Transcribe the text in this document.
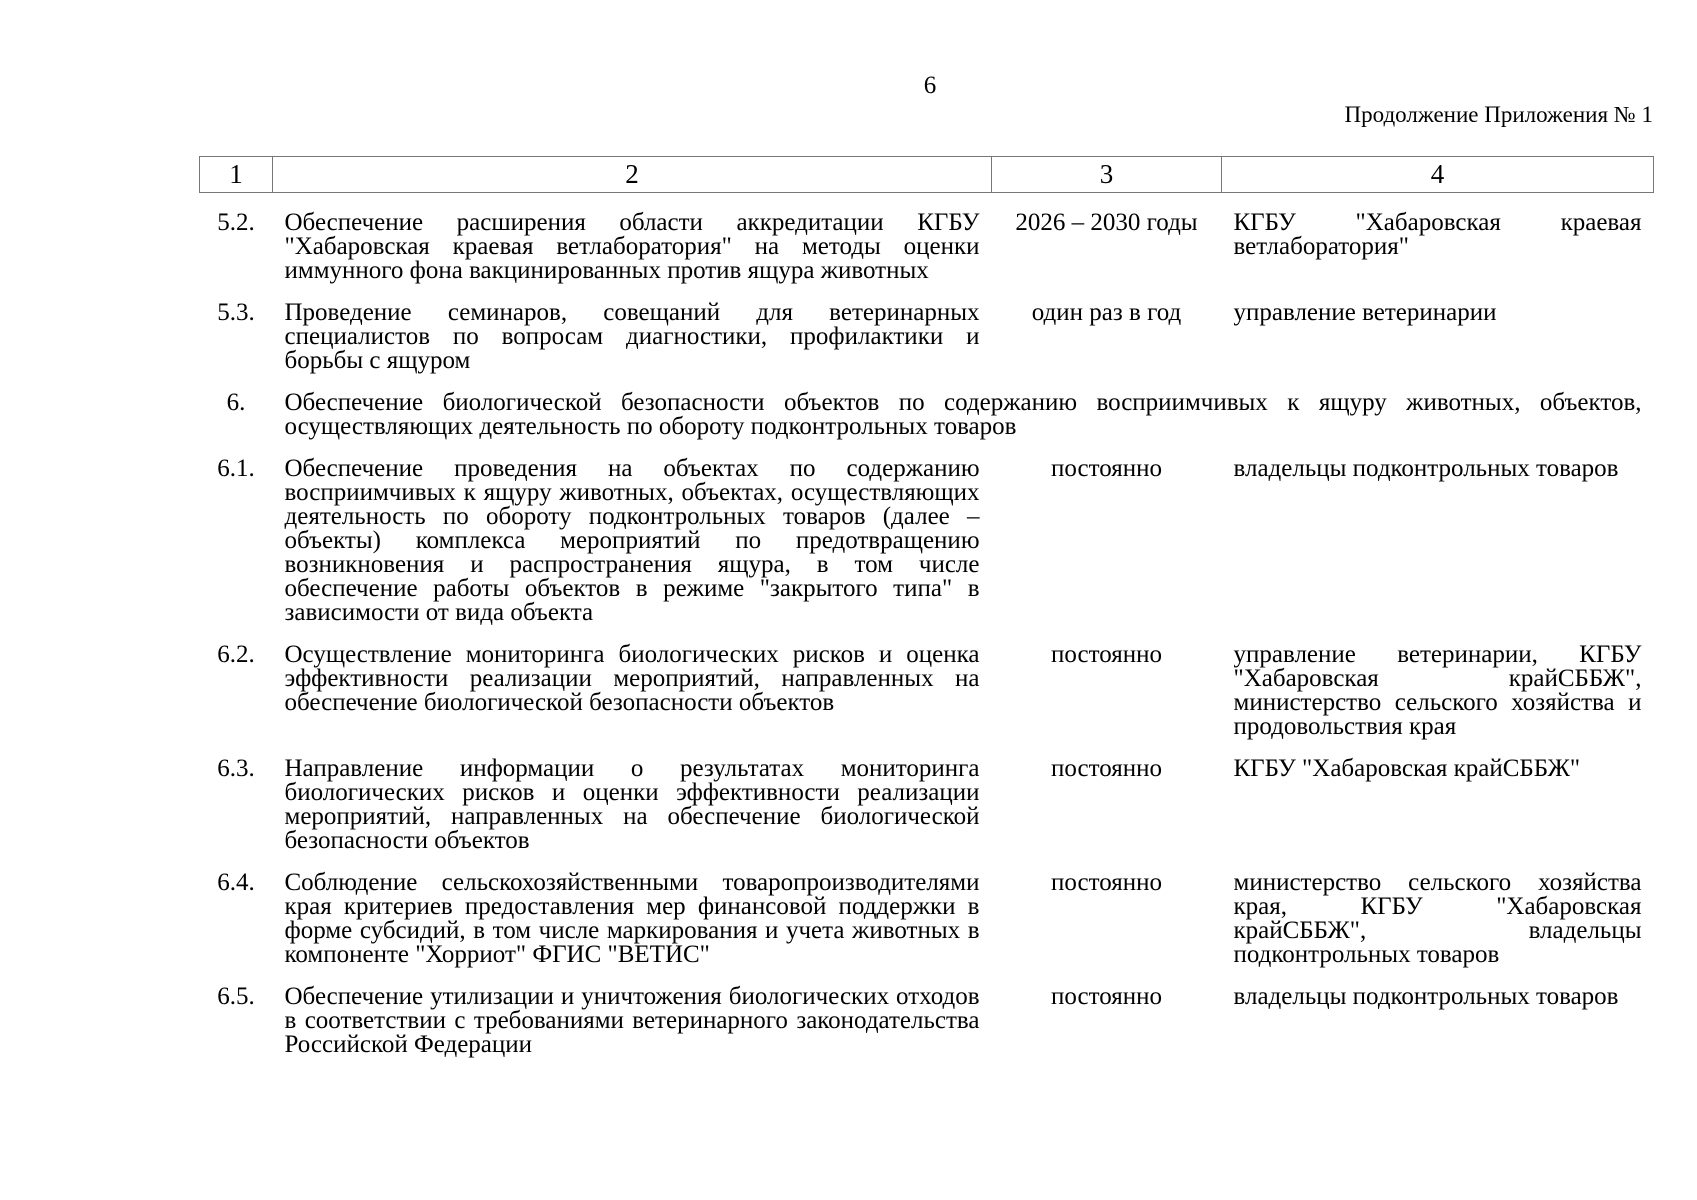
6
Продолжение Приложения № 1
1	2	3	4
5.2.	Обеспечение расширения области аккредитации КГБУ "Хабаровская краевая ветлаборатория" на методы оценки иммунного фона вакцинированных против ящура животных	2026 – 2030 годы	КГБУ "Хабаровская краевая ветлаборатория"
5.3.	Проведение семинаров, совещаний для ветеринарных специалистов по вопросам диагностики, профилактики и борьбы с ящуром	один раз в год	управление ветеринарии
6.	Обеспечение биологической безопасности объектов по содержанию восприимчивых к ящуру животных, объектов, осуществляющих деятельность по обороту подконтрольных товаров		
6.1.	Обеспечение проведения на объектах по содержанию восприимчивых к ящуру животных, объектах, осуществляющих деятельность по обороту подконтрольных товаров (далее – объекты) комплекса мероприятий по предотвращению возникновения и распространения ящура, в том числе обеспечение работы объектов в режиме "закрытого типа" в зависимости от вида объекта	постоянно	владельцы подконтрольных товаров
6.2.	Осуществление мониторинга биологических рисков и оценка эффективности реализации мероприятий, направленных на обеспечение биологической безопасности объектов	постоянно	управление ветеринарии, КГБУ "Хабаровская крайСББЖ", министерство сельского хозяйства и продовольствия края
6.3.	Направление информации о результатах мониторинга биологических рисков и оценки эффективности реализации мероприятий, направленных на обеспечение биологической безопасности объектов	постоянно	КГБУ "Хабаровская крайСББЖ"
6.4.	Соблюдение сельскохозяйственными товаропроизводителями края критериев предоставления мер финансовой поддержки в форме субсидий, в том числе маркирования и учета животных в компоненте "Хорриот" ФГИС "ВЕТИС"	постоянно	министерство сельского хозяйства края, КГБУ "Хабаровская крайСББЖ", владельцы подконтрольных товаров
6.5.	Обеспечение утилизации и уничтожения биологических отходов в соответствии с требованиями ветеринарного законодательства Российской Федерации	постоянно	владельцы подконтрольных товаров
